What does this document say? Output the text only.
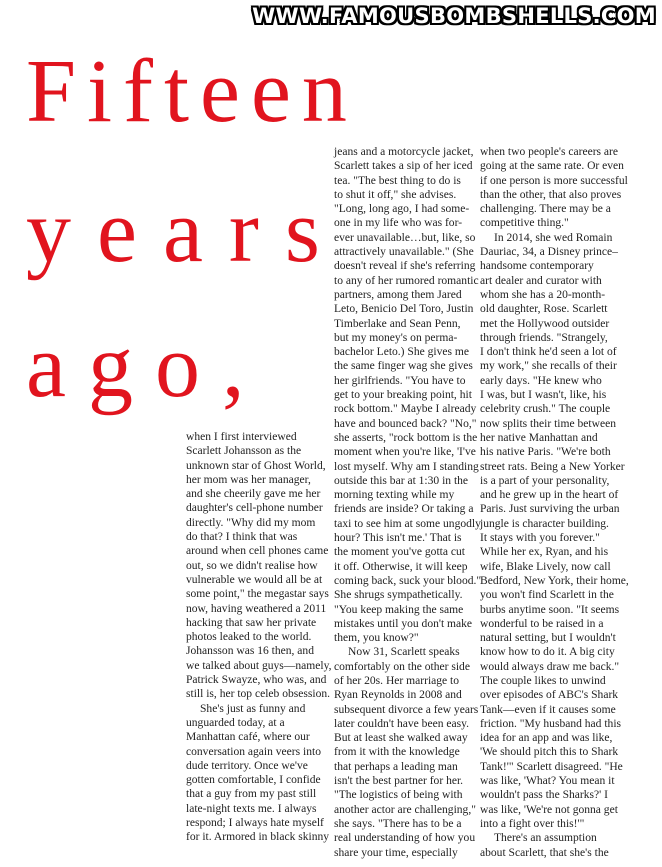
WWW.FAMOUSBOMBSHELLS.COM
Fifteen
years
ago,
when I first interviewed
Scarlett Johansson as the
unknown star of Ghost World,
her mom was her manager,
and she cheerily gave me her
daughter's cell-phone number
directly. "Why did my mom
do that? I think that was
around when cell phones came
out, so we didn't realise how
vulnerable we would all be at
some point," the megastar says
now, having weathered a 2011
hacking that saw her private
photos leaked to the world.
Johansson was 16 then, and
we talked about guys—namely,
Patrick Swayze, who was, and
still is, her top celeb obsession.
She's just as funny and
unguarded today, at a
Manhattan café, where our
conversation again veers into
dude territory. Once we've
gotten comfortable, I confide
that a guy from my past still
late-night texts me. I always
respond; I always hate myself
for it. Armored in black skinny
jeans and a motorcycle jacket,
Scarlett takes a sip of her iced
tea. "The best thing to do is
to shut it off," she advises.
"Long, long ago, I had some-
one in my life who was for-
ever unavailable…but, like, so
attractively unavailable." (She
doesn't reveal if she's referring
to any of her rumored romantic
partners, among them Jared
Leto, Benicio Del Toro, Justin
Timberlake and Sean Penn,
but my money's on perma-
bachelor Leto.) She gives me
the same finger wag she gives
her girlfriends. "You have to
get to your breaking point, hit
rock bottom." Maybe I already
have and bounced back? "No,"
she asserts, "rock bottom is the
moment when you're like, 'I've
lost myself. Why am I standing
outside this bar at 1:30 in the
morning texting while my
friends are inside? Or taking a
taxi to see him at some ungodly
hour? This isn't me.' That is
the moment you've gotta cut
it off. Otherwise, it will keep
coming back, suck your blood."
She shrugs sympathetically.
"You keep making the same
mistakes until you don't make
them, you know?"
Now 31, Scarlett speaks
comfortably on the other side
of her 20s. Her marriage to
Ryan Reynolds in 2008 and
subsequent divorce a few years
later couldn't have been easy.
But at least she walked away
from it with the knowledge
that perhaps a leading man
isn't the best partner for her.
"The logistics of being with
another actor are challenging,"
she says. "There has to be a
real understanding of how you
share your time, especially
when two people's careers are
going at the same rate. Or even
if one person is more successful
than the other, that also proves
challenging. There may be a
competitive thing."
In 2014, she wed Romain
Dauriac, 34, a Disney prince–
handsome contemporary
art dealer and curator with
whom she has a 20-month-
old daughter, Rose. Scarlett
met the Hollywood outsider
through friends. "Strangely,
I don't think he'd seen a lot of
my work," she recalls of their
early days. "He knew who
I was, but I wasn't, like, his
celebrity crush." The couple
now splits their time between
her native Manhattan and
his native Paris. "We're both
street rats. Being a New Yorker
is a part of your personality,
and he grew up in the heart of
Paris. Just surviving the urban
jungle is character building.
It stays with you forever."
While her ex, Ryan, and his
wife, Blake Lively, now call
Bedford, New York, their home,
you won't find Scarlett in the
burbs anytime soon. "It seems
wonderful to be raised in a
natural setting, but I wouldn't
know how to do it. A big city
would always draw me back."
The couple likes to unwind
over episodes of ABC's Shark
Tank—even if it causes some
friction. "My husband had this
idea for an app and was like,
'We should pitch this to Shark
Tank!'" Scarlett disagreed. "He
was like, 'What? You mean it
wouldn't pass the Sharks?' I
was like, 'We're not gonna get
into a fight over this!'"
There's an assumption
about Scarlett, that she's the
